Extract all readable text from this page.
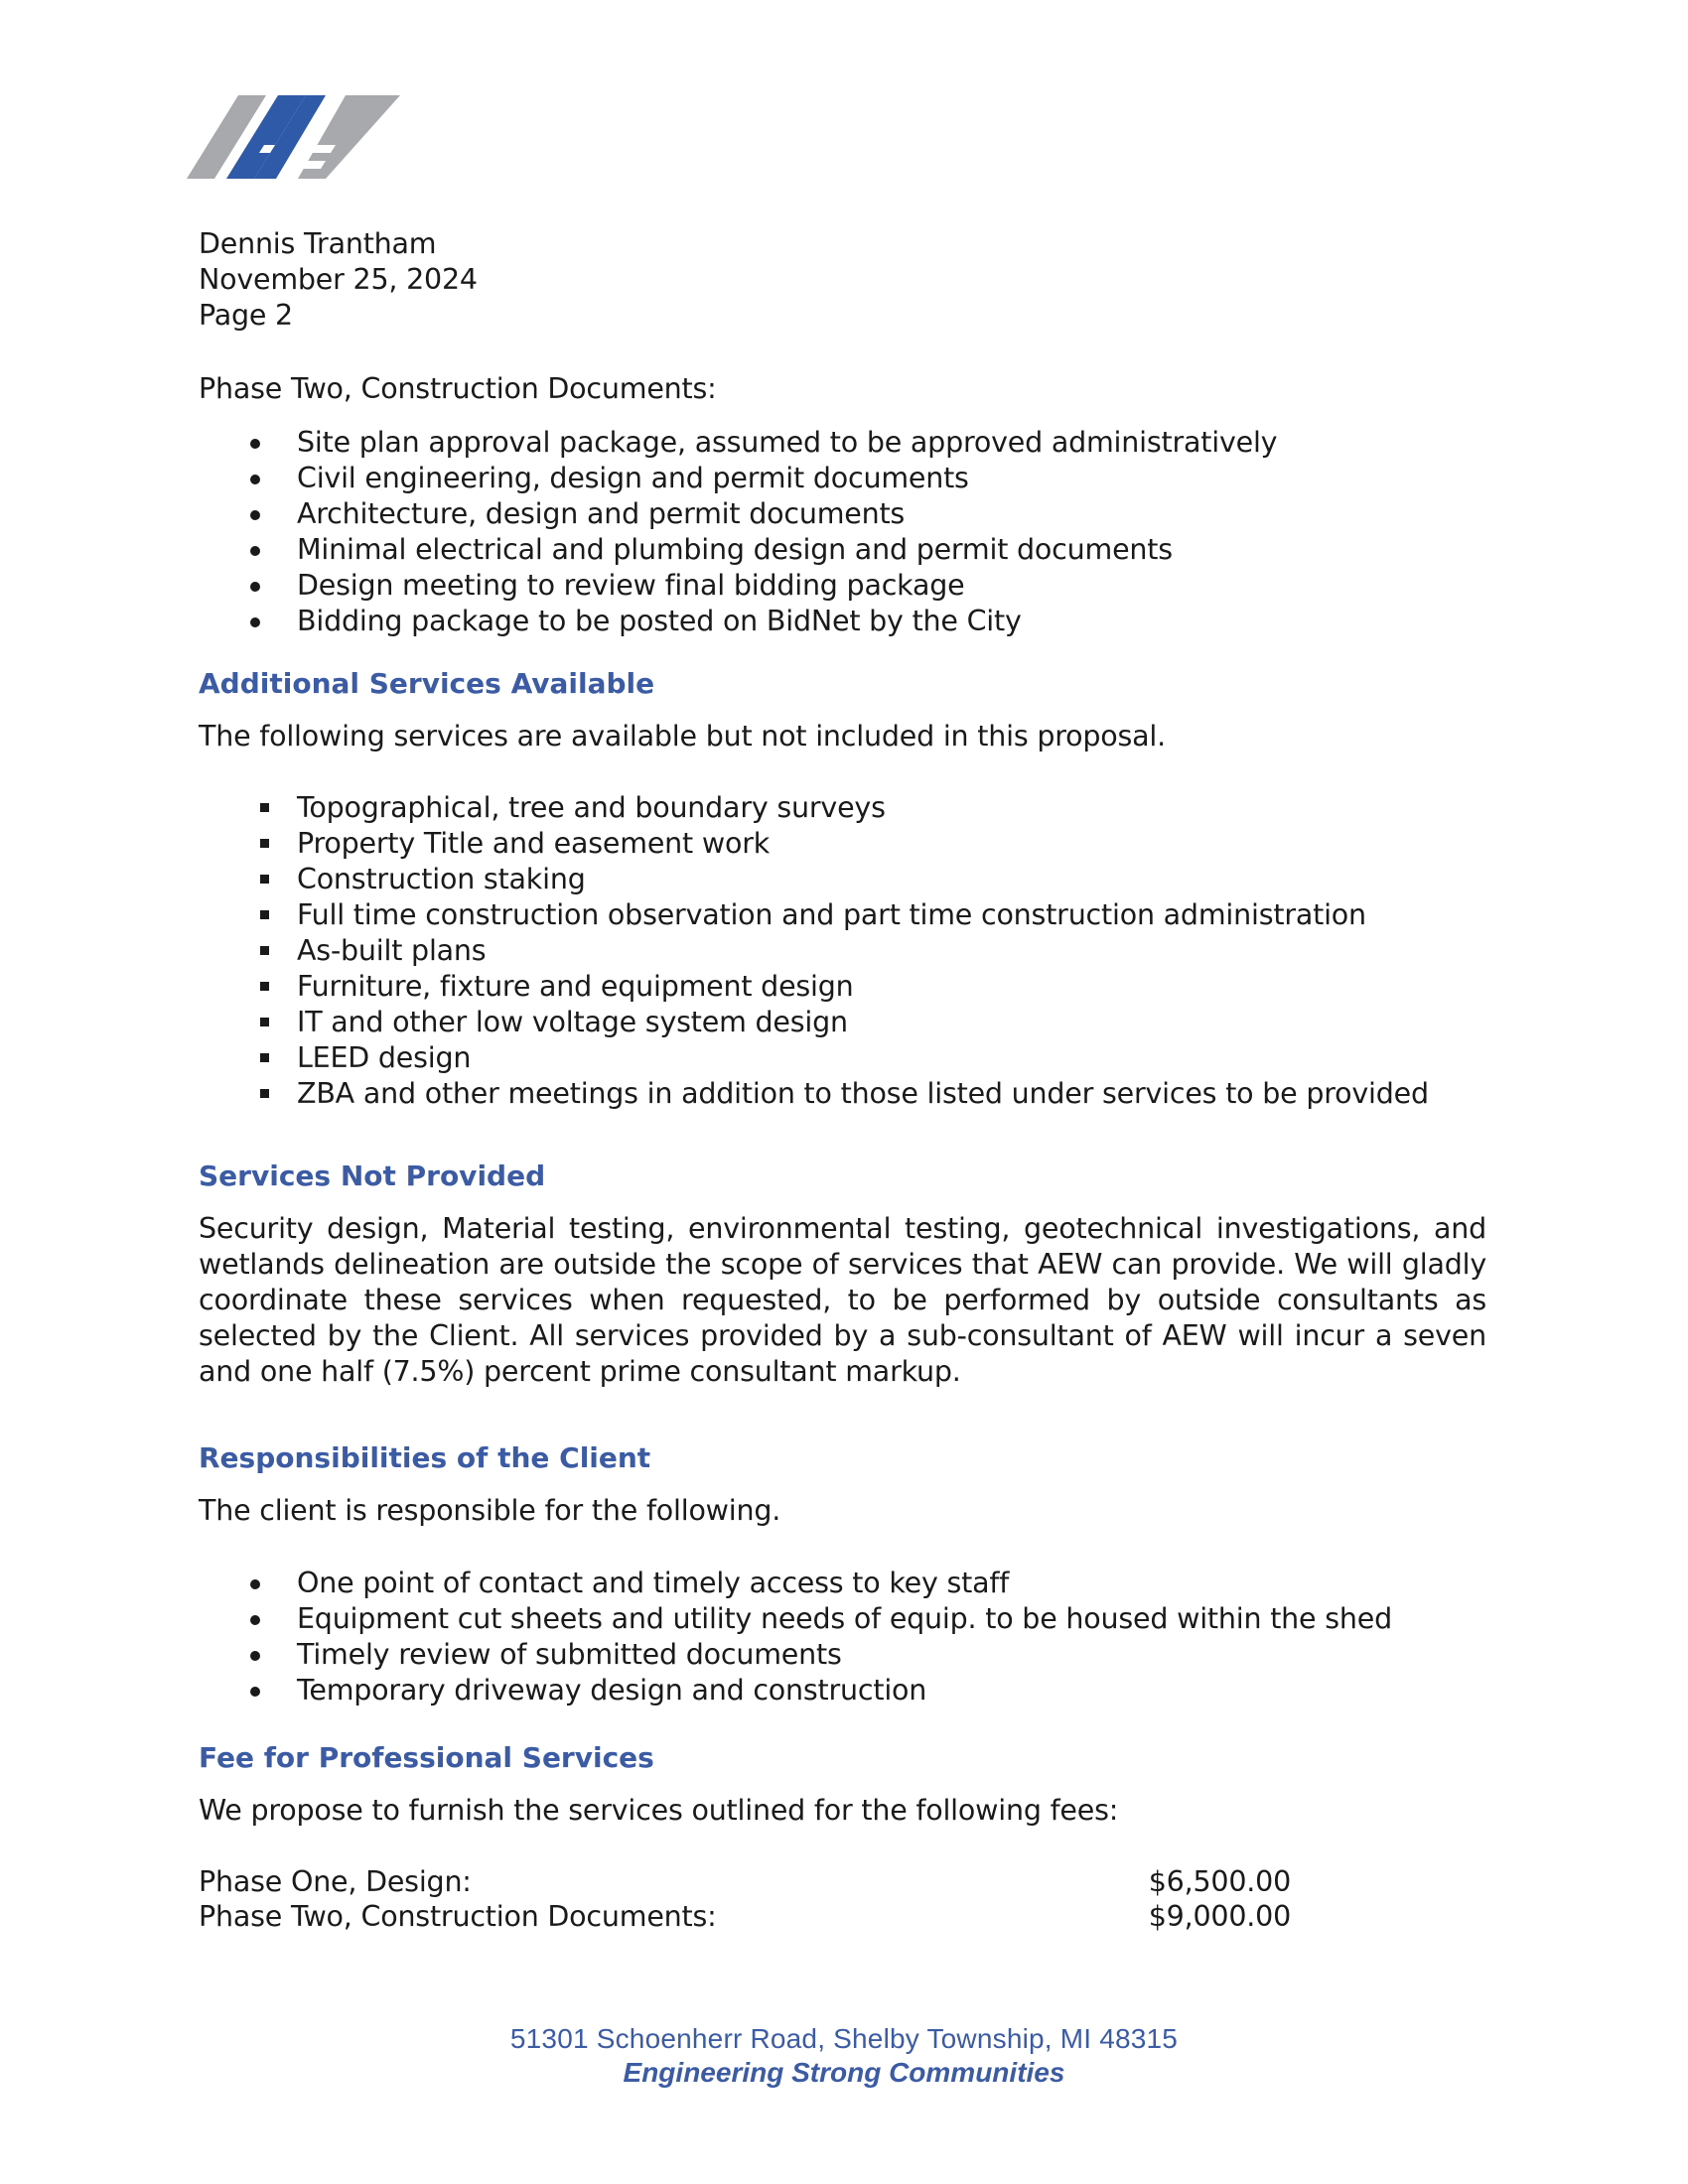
Dennis Trantham
November 25, 2024
Page 2
Phase Two, Construction Documents:
Site plan approval package, assumed to be approved administratively
Civil engineering, design and permit documents
Architecture, design and permit documents
Minimal electrical and plumbing design and permit documents
Design meeting to review final bidding package
Bidding package to be posted on BidNet by the City
Additional Services Available
The following services are available but not included in this proposal.
Topographical, tree and boundary surveys
Property Title and easement work
Construction staking
Full time construction observation and part time construction administration
As-built plans
Furniture, fixture and equipment design
IT and other low voltage system design
LEED design
ZBA and other meetings in addition to those listed under services to be provided
Services Not Provided
Security design, Material testing, environmental testing, geotechnical investigations, and
wetlands delineation are outside the scope of services that AEW can provide. We will gladly
coordinate these services when requested, to be performed by outside consultants as
selected by the Client. All services provided by a sub-consultant of AEW will incur a seven
and one half (7.5%) percent prime consultant markup.
Responsibilities of the Client
The client is responsible for the following.
One point of contact and timely access to key staff
Equipment cut sheets and utility needs of equip. to be housed within the shed
Timely review of submitted documents
Temporary driveway design and construction
Fee for Professional Services
We propose to furnish the services outlined for the following fees:
Phase One, Design:	$6,500.00
Phase Two, Construction Documents:	$9,000.00
51301 Schoenherr Road, Shelby Township, MI 48315
Engineering Strong Communities
